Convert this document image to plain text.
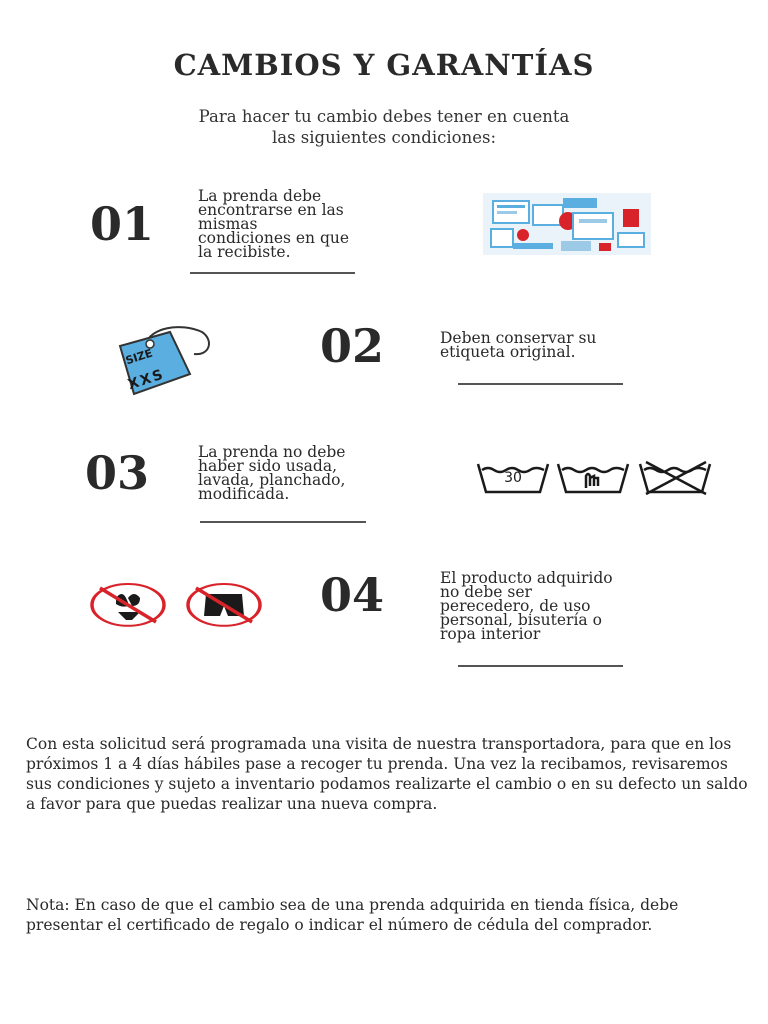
CAMBIOS Y GARANTÍAS
Para hacer tu cambio debes tener en cuenta
las siguientes condiciones:
01
La prenda debe
encontrarse en las
mismas
condiciones en que
la recibiste.
SIZE
XXS
02	Deben conservar su
etiqueta original.
03	La prenda no debe
haber sido usada,
lavada, planchado,
modificada.
30
04	El producto adquirido
no debe ser
perecedero, de uso
personal, bisutería o
ropa interior
Con esta solicitud será programada una visita de nuestra transportadora, para que en los próximos 1 a 4 días hábiles pase a recoger tu prenda. Una vez la recibamos, revisaremos sus condiciones y sujeto a inventario podamos realizarte el cambio o en su defecto un saldo a favor para que puedas realizar una nueva compra.
Nota: En caso de que el cambio sea de una prenda adquirida en tienda física, debe presentar el certificado de regalo o indicar el número de cédula del comprador.
